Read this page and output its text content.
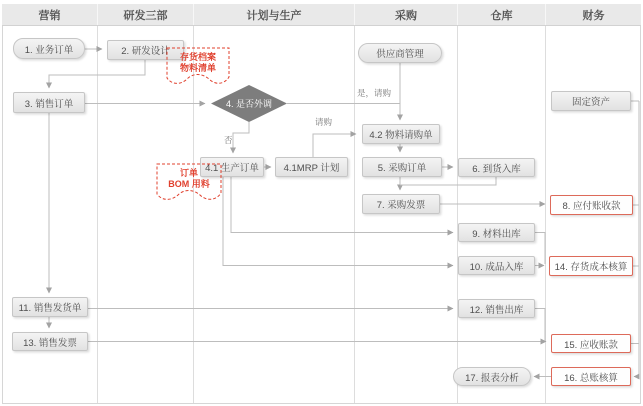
营销	研发三部	计划与生产	采购	仓库	财务
1. 业务订单	2. 研发设计
3. 销售订单
供应商管理
固定资产
4.2 物料请购单
4.1 生产订单	4.1MRP 计划	5. 采购订单	6. 到货入库
7. 采购发票	8. 应付账收款
9. 材料出库
10. 成品入库	14. 存货成本核算
11. 销售发货单	12. 销售出库
13. 销售发票	15. 应收账款
17. 报表分析	16. 总账核算
4. 是否外调
是，请购
请购
否
存货档案
物料清单
订单
BOM 用料
